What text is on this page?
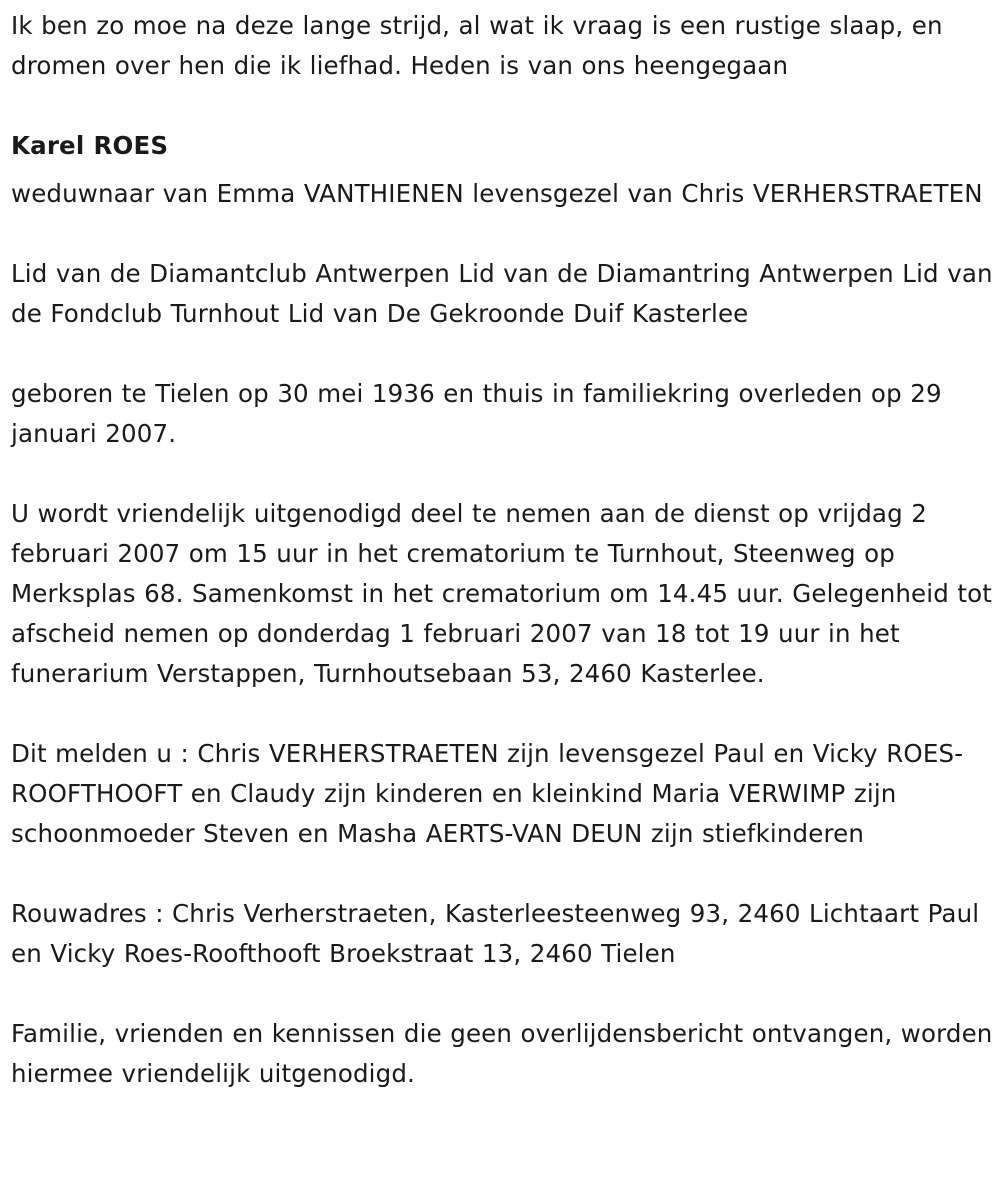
Ik ben zo moe na deze lange strijd, al wat ik vraag is een rustige slaap, en dromen over hen die ik liefhad. Heden is van ons heengegaan

Karel ROES

weduwnaar van Emma VANTHIENEN levensgezel van Chris VERHERSTRAETEN

Lid van de Diamantclub Antwerpen Lid van de Diamantring Antwerpen Lid van de Fondclub Turnhout Lid van De Gekroonde Duif Kasterlee

geboren te Tielen op 30 mei 1936 en thuis in familiekring overleden op 29 januari 2007.

U wordt vriendelijk uitgenodigd deel te nemen aan de dienst op vrijdag 2 februari 2007 om 15 uur in het crematorium te Turnhout, Steenweg op Merksplas 68. Samenkomst in het crematorium om 14.45 uur. Gelegenheid tot afscheid nemen op donderdag 1 februari 2007 van 18 tot 19 uur in het funerarium Verstappen, Turnhoutsebaan 53, 2460 Kasterlee.

Dit melden u : Chris VERHERSTRAETEN zijn levensgezel Paul en Vicky ROES-ROOFTHOOFT en Claudy zijn kinderen en kleinkind Maria VERWIMP zijn schoonmoeder Steven en Masha AERTS-VAN DEUN zijn stiefkinderen

Rouwadres : Chris Verherstraeten, Kasterleesteenweg 93, 2460 Lichtaart Paul en Vicky Roes-Roofthooft Broekstraat 13, 2460 Tielen

Familie, vrienden en kennissen die geen overlijdensbericht ontvangen, worden hiermee vriendelijk uitgenodigd.
